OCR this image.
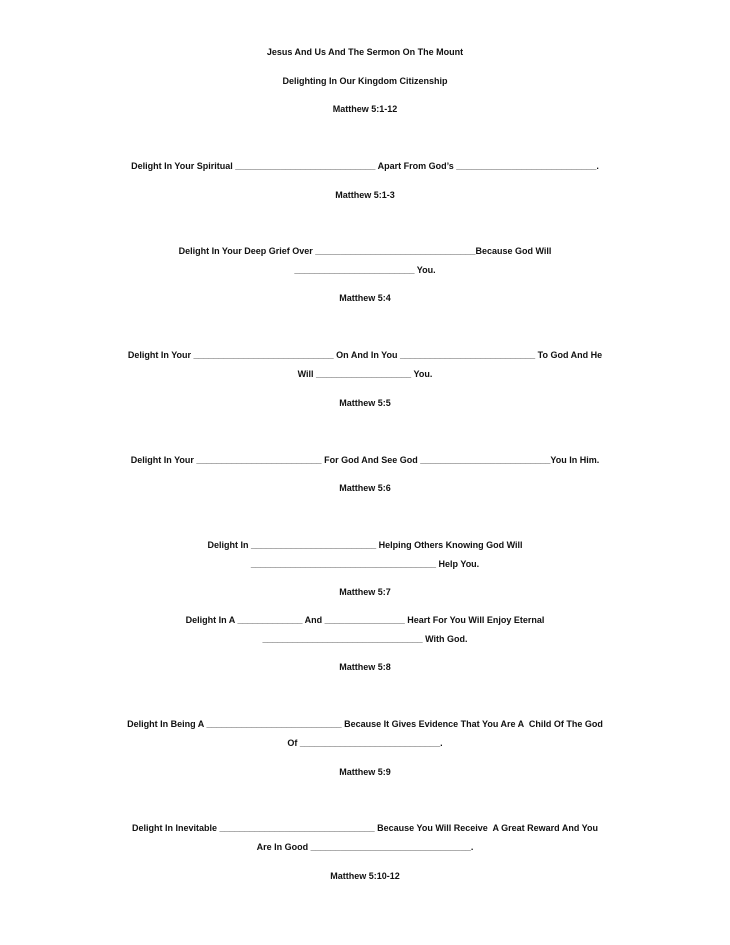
Jesus And Us And The Sermon On The Mount
Delighting In Our Kingdom Citizenship
Matthew 5:1-12
Delight In Your Spiritual ____________________________ Apart From God’s ____________________________.
Matthew 5:1-3
Delight In Your Deep Grief Over ________________________________Because God Will
________________________ You.
Matthew 5:4
Delight In Your ____________________________ On And In You ___________________________ To God And He
Will ___________________ You.
Matthew 5:5
Delight In Your _________________________ For God And See God __________________________You In Him.
Matthew 5:6
Delight In _________________________ Helping Others Knowing God Will
_____________________________________ Help You.
Matthew 5:7
Delight In A _____________ And ________________ Heart For You Will Enjoy Eternal
________________________________ With God.
Matthew 5:8
Delight In Being A ___________________________ Because It Gives Evidence That You Are A  Child Of The God
Of ____________________________.
Matthew 5:9
Delight In Inevitable _______________________________ Because You Will Receive  A Great Reward And You
Are In Good ________________________________.
Matthew 5:10-12
